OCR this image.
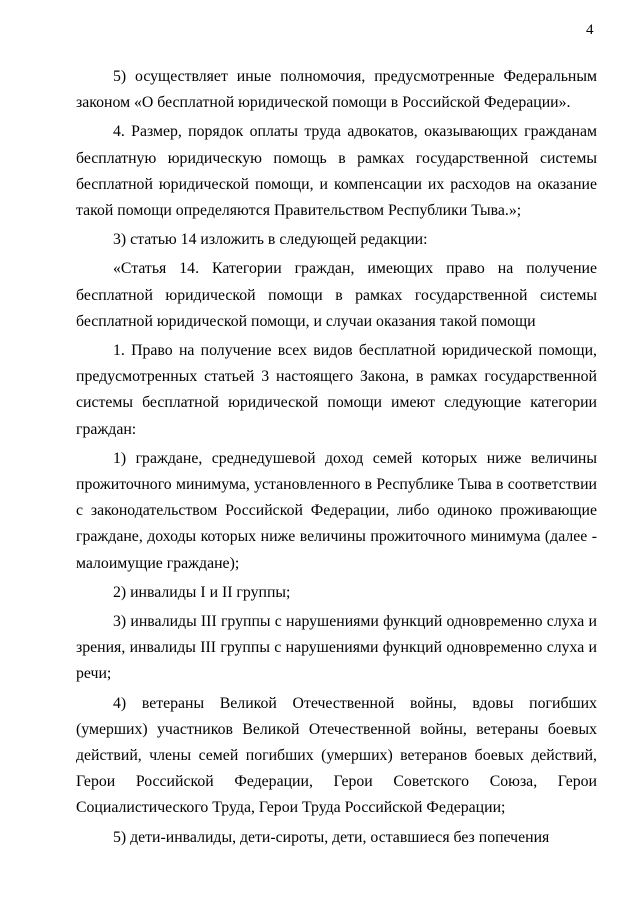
4

5) осуществляет иные полномочия, предусмотренные Федеральным законом «О бесплатной юридической помощи в Российской Федерации».

4. Размер, порядок оплаты труда адвокатов, оказывающих гражданам бесплатную юридическую помощь в рамках государственной системы бесплатной юридической помощи, и компенсации их расходов на оказание такой помощи определяются Правительством Республики Тыва.»;

3) статью 14 изложить в следующей редакции:

«Статья 14. Категории граждан, имеющих право на получение бесплатной юридической помощи в рамках государственной системы бесплатной юридической помощи, и случаи оказания такой помощи

1. Право на получение всех видов бесплатной юридической помощи, предусмотренных статьей 3 настоящего Закона, в рамках государственной системы бесплатной юридической помощи имеют следующие категории граждан:

1) граждане, среднедушевой доход семей которых ниже величины прожиточного минимума, установленного в Республике Тыва в соответствии с законодательством Российской Федерации, либо одиноко проживающие граждане, доходы которых ниже величины прожиточного минимума (далее - малоимущие граждане);

2) инвалиды I и II группы;

3) инвалиды III группы с нарушениями функций одновременно слуха и зрения, инвалиды III группы с нарушениями функций одновременно слуха и речи;

4) ветераны Великой Отечественной войны, вдовы погибших (умерших) участников Великой Отечественной войны, ветераны боевых действий, члены семей погибших (умерших) ветеранов боевых действий, Герои Российской Федерации, Герои Советского Союза, Герои Социалистического Труда, Герои Труда Российской Федерации;

5) дети-инвалиды, дети-сироты, дети, оставшиеся без попечения
